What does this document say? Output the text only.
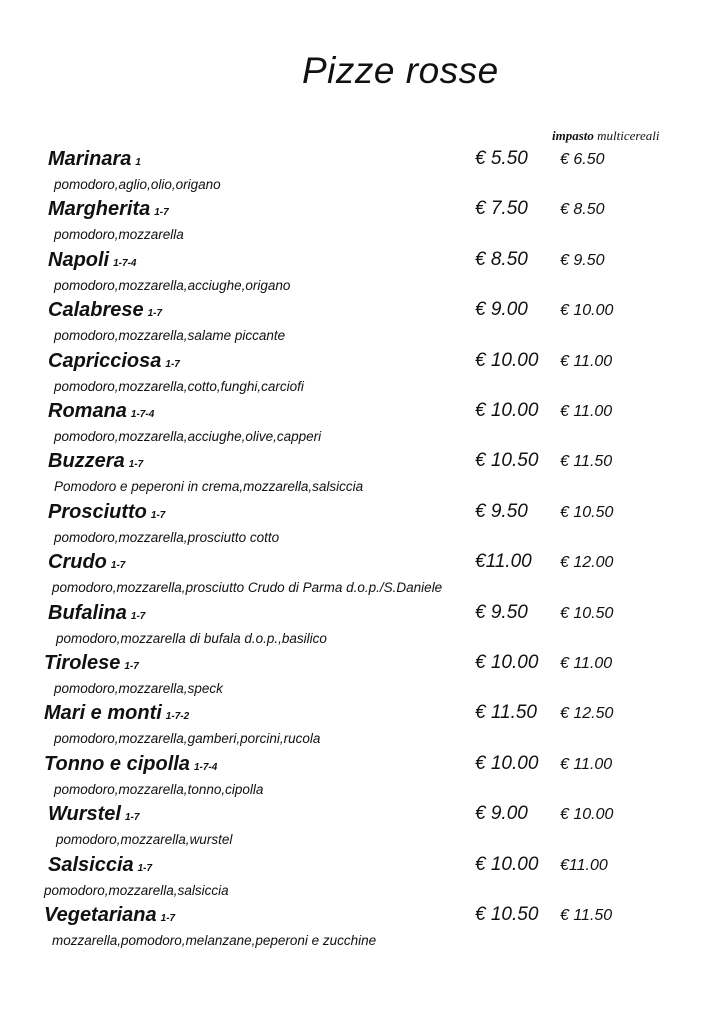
Pizze rosse
impasto multicereali
Marinara 1
pomodoro,aglio,olio,origano
€ 5.50 € 6.50
Margherita 1-7
pomodoro,mozzarella
€ 7.50 € 8.50
Napoli 1-7-4
pomodoro,mozzarella,acciughe,origano
€ 8.50 € 9.50
Calabrese 1-7
pomodoro,mozzarella,salame piccante
€ 9.00 € 10.00
Capricciosa 1-7
pomodoro,mozzarella,cotto,funghi,carciofi
€ 10.00 € 11.00
Romana 1-7-4
pomodoro,mozzarella,acciughe,olive,capperi
€ 10.00 € 11.00
Buzzera 1-7
Pomodoro e peperoni in crema,mozzarella,salsiccia
€ 10.50 € 11.50
Prosciutto 1-7
pomodoro,mozzarella,prosciutto cotto
€ 9.50 € 10.50
Crudo 1-7
pomodoro,mozzarella,prosciutto Crudo di Parma d.o.p./S.Daniele
€11.00 € 12.00
Bufalina 1-7
pomodoro,mozzarella di bufala d.o.p.,basilico
€ 9.50 € 10.50
Tirolese 1-7
pomodoro,mozzarella,speck
€ 10.00 € 11.00
Mari e monti 1-7-2
pomodoro,mozzarella,gamberi,porcini,rucola
€ 11.50 € 12.50
Tonno e cipolla 1-7-4
pomodoro,mozzarella,tonno,cipolla
€ 10.00 € 11.00
Wurstel 1-7
pomodoro,mozzarella,wurstel
€ 9.00 € 10.00
Salsiccia 1-7
pomodoro,mozzarella,salsiccia
€ 10.00 €11.00
Vegetariana 1-7
mozzarella,pomodoro,melanzane,peperoni e zucchine
€ 10.50 € 11.50
